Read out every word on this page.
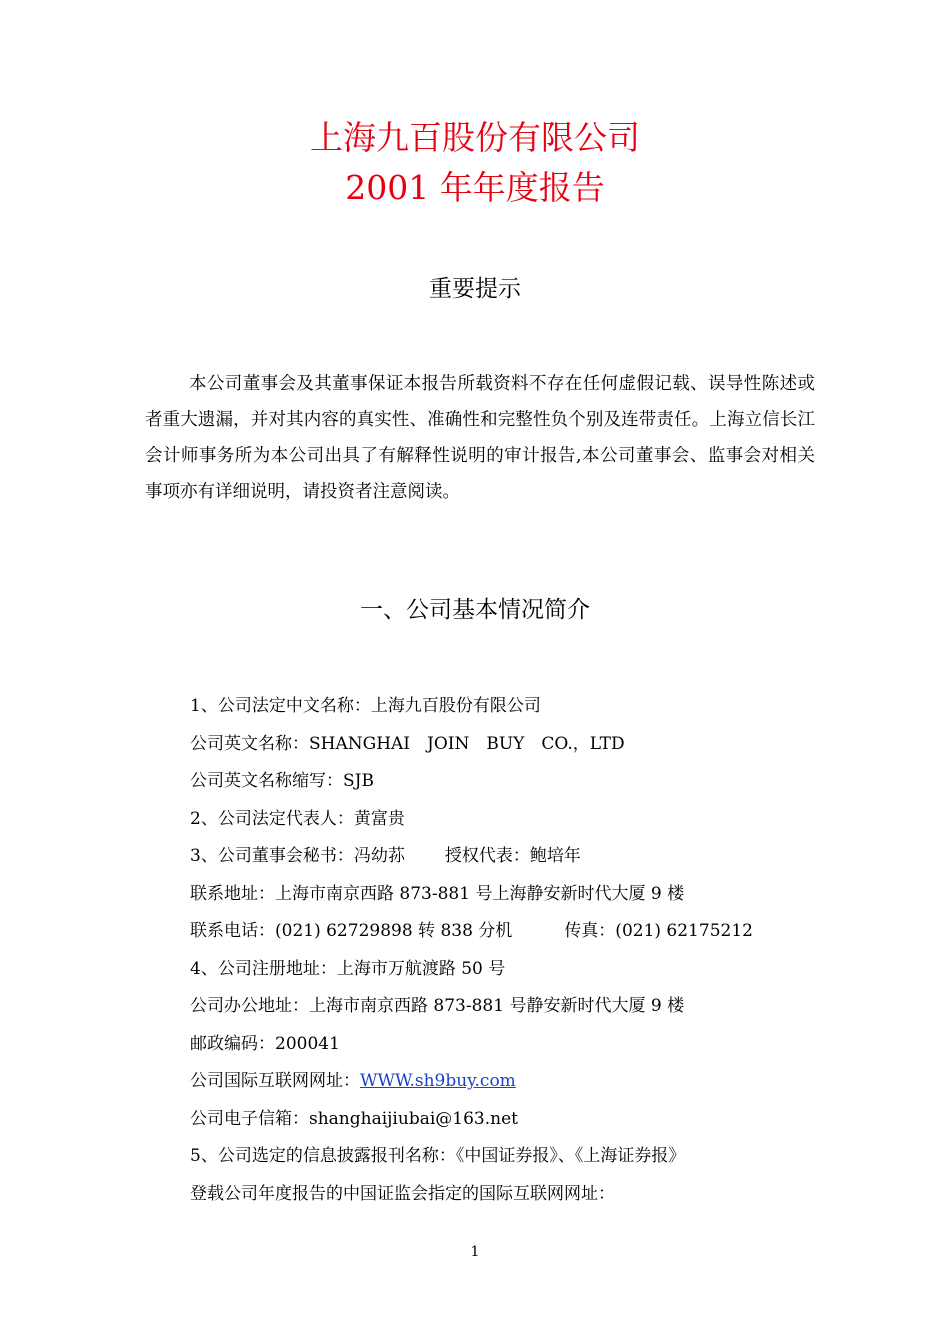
上海九百股份有限公司
2001 年年度报告
重要提示

本公司董事会及其董事保证本报告所载资料不存在任何虚假记载、误导性陈述或者重大遗漏，并对其内容的真实性、准确性和完整性负个别及连带责任。上海立信长江会计师事务所为本公司出具了有解释性说明的审计报告,本公司董事会、监事会对相关事项亦有详细说明，请投资者注意阅读。

一、公司基本情况简介
1、公司法定中文名称：上海九百股份有限公司
公司英文名称：SHANGHAI　JOIN　BUY　CO.，LTD
公司英文名称缩写：SJB
2、公司法定代表人：黄富贵
3、公司董事会秘书：冯幼荪 授权代表：鲍培年
联系地址：上海市南京西路 873-881 号上海静安新时代大厦 9 楼
联系电话：(021) 62729898 转 838 分机	传真：(021) 62175212
4、公司注册地址：上海市万航渡路 50 号
公司办公地址：上海市南京西路 873-881 号静安新时代大厦 9 楼
邮政编码：200041
公司国际互联网网址：WWW.sh9buy.com
公司电子信箱：shanghaijiubai@163.net
5、公司选定的信息披露报刊名称：《中国证券报》、《上海证券报》
登载公司年度报告的中国证监会指定的国际互联网网址：
1
